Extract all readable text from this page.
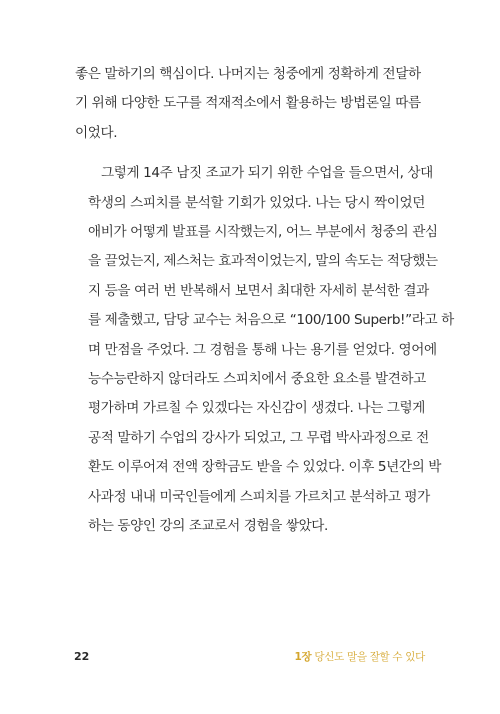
좋은 말하기의 핵심이다. 나머지는 청중에게 정확하게 전달하
기 위해 다양한 도구를 적재적소에서 활용하는 방법론일 따름
이었다.

그렇게 14주 남짓 조교가 되기 위한 수업을 들으면서, 상대
학생의 스피치를 분석할 기회가 있었다. 나는 당시 짝이었던
애비가 어떻게 발표를 시작했는지, 어느 부분에서 청중의 관심
을 끌었는지, 제스처는 효과적이었는지, 말의 속도는 적당했는
지 등을 여러 번 반복해서 보면서 최대한 자세히 분석한 결과
를 제출했고, 담당 교수는 처음으로 “100/100 Superb!”라고 하
며 만점을 주었다. 그 경험을 통해 나는 용기를 얻었다. 영어에
능수능란하지 않더라도 스피치에서 중요한 요소를 발견하고
평가하며 가르칠 수 있겠다는 자신감이 생겼다. 나는 그렇게
공적 말하기 수업의 강사가 되었고, 그 무렵 박사과정으로 전
환도 이루어져 전액 장학금도 받을 수 있었다. 이후 5년간의 박
사과정 내내 미국인들에게 스피치를 가르치고 분석하고 평가
하는 동양인 강의 조교로서 경험을 쌓았다.

22	1장 당신도 말을 잘할 수 있다
